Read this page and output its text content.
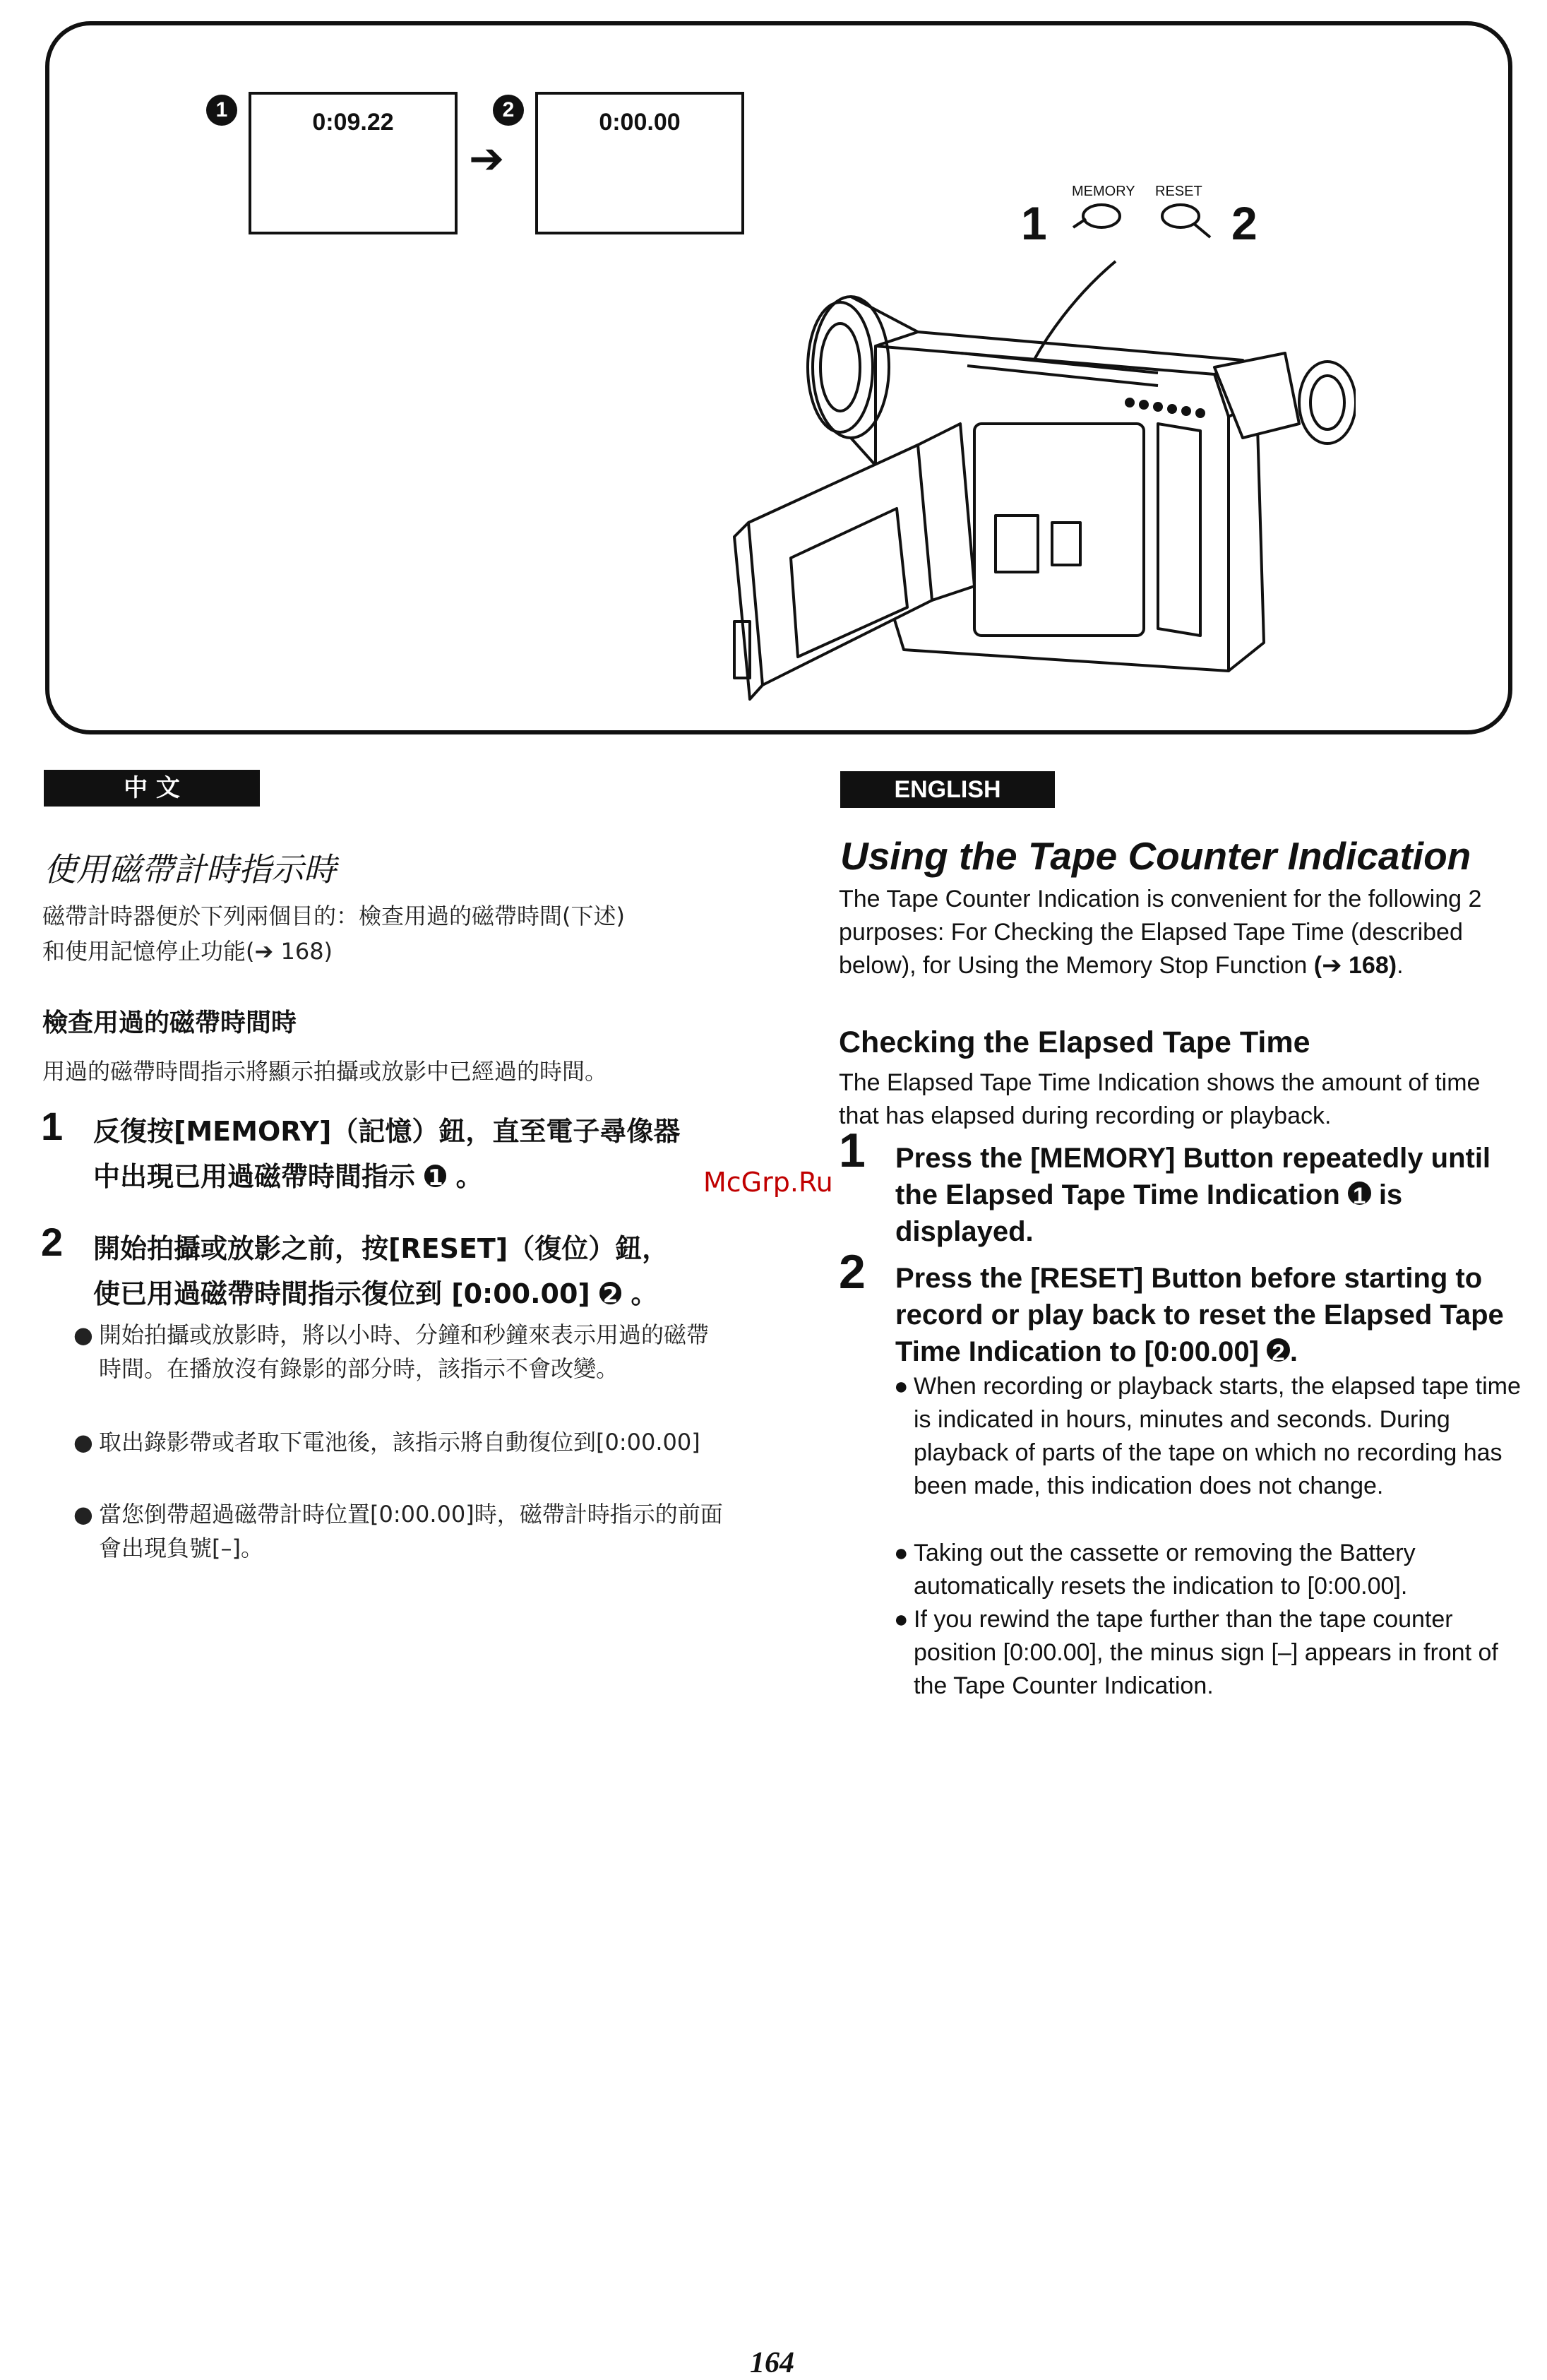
1	0:09.22
➔
2	0:00.00
MEMORY RESET
1	2
中 文
使用磁帶計時指示時
磁帶計時器便於下列兩個目的：檢查用過的磁帶時間(下述)
和使用記憶停止功能(➔ 168)
檢查用過的磁帶時間時
用過的磁帶時間指示將顯示拍攝或放影中已經過的時間。
1 反復按[MEMORY]（記憶）鈕，直至電子尋像器
中出現已用過磁帶時間指示 1 。
2 開始拍攝或放影之前，按[RESET]（復位）鈕，
使已用過磁帶時間指示復位到 [0:00.00] 2 。
● 開始拍攝或放影時，將以小時、分鐘和秒鐘來表示用過的磁帶時間。在播放沒有錄影的部分時，該指示不會改變。
● 取出錄影帶或者取下電池後，該指示將自動復位到[0:00.00]
● 當您倒帶超過磁帶計時位置[0:00.00]時，磁帶計時指示的前面會出現負號[–]。
McGrp.Ru
ENGLISH
Using the Tape Counter Indication
The Tape Counter Indication is convenient for the following 2 purposes: For Checking the Elapsed Tape Time (described below), for Using the Memory Stop Function (➔ 168).
Checking the Elapsed Tape Time
The Elapsed Tape Time Indication shows the amount of time that has elapsed during recording or playback.
1 Press the [MEMORY] Button repeatedly until the Elapsed Tape Time Indication 1 is displayed.
2 Press the [RESET] Button before starting to record or play back to reset the Elapsed Tape Time Indication to [0:00.00] 2 .
● When recording or playback starts, the elapsed tape time is indicated in hours, minutes and seconds. During playback of parts of the tape on which no recording has been made, this indication does not change.
● Taking out the cassette or removing the Battery automatically resets the indication to [0:00.00].
● If you rewind the tape further than the tape counter position [0:00.00], the minus sign [–] appears in front of the Tape Counter Indication.
164
